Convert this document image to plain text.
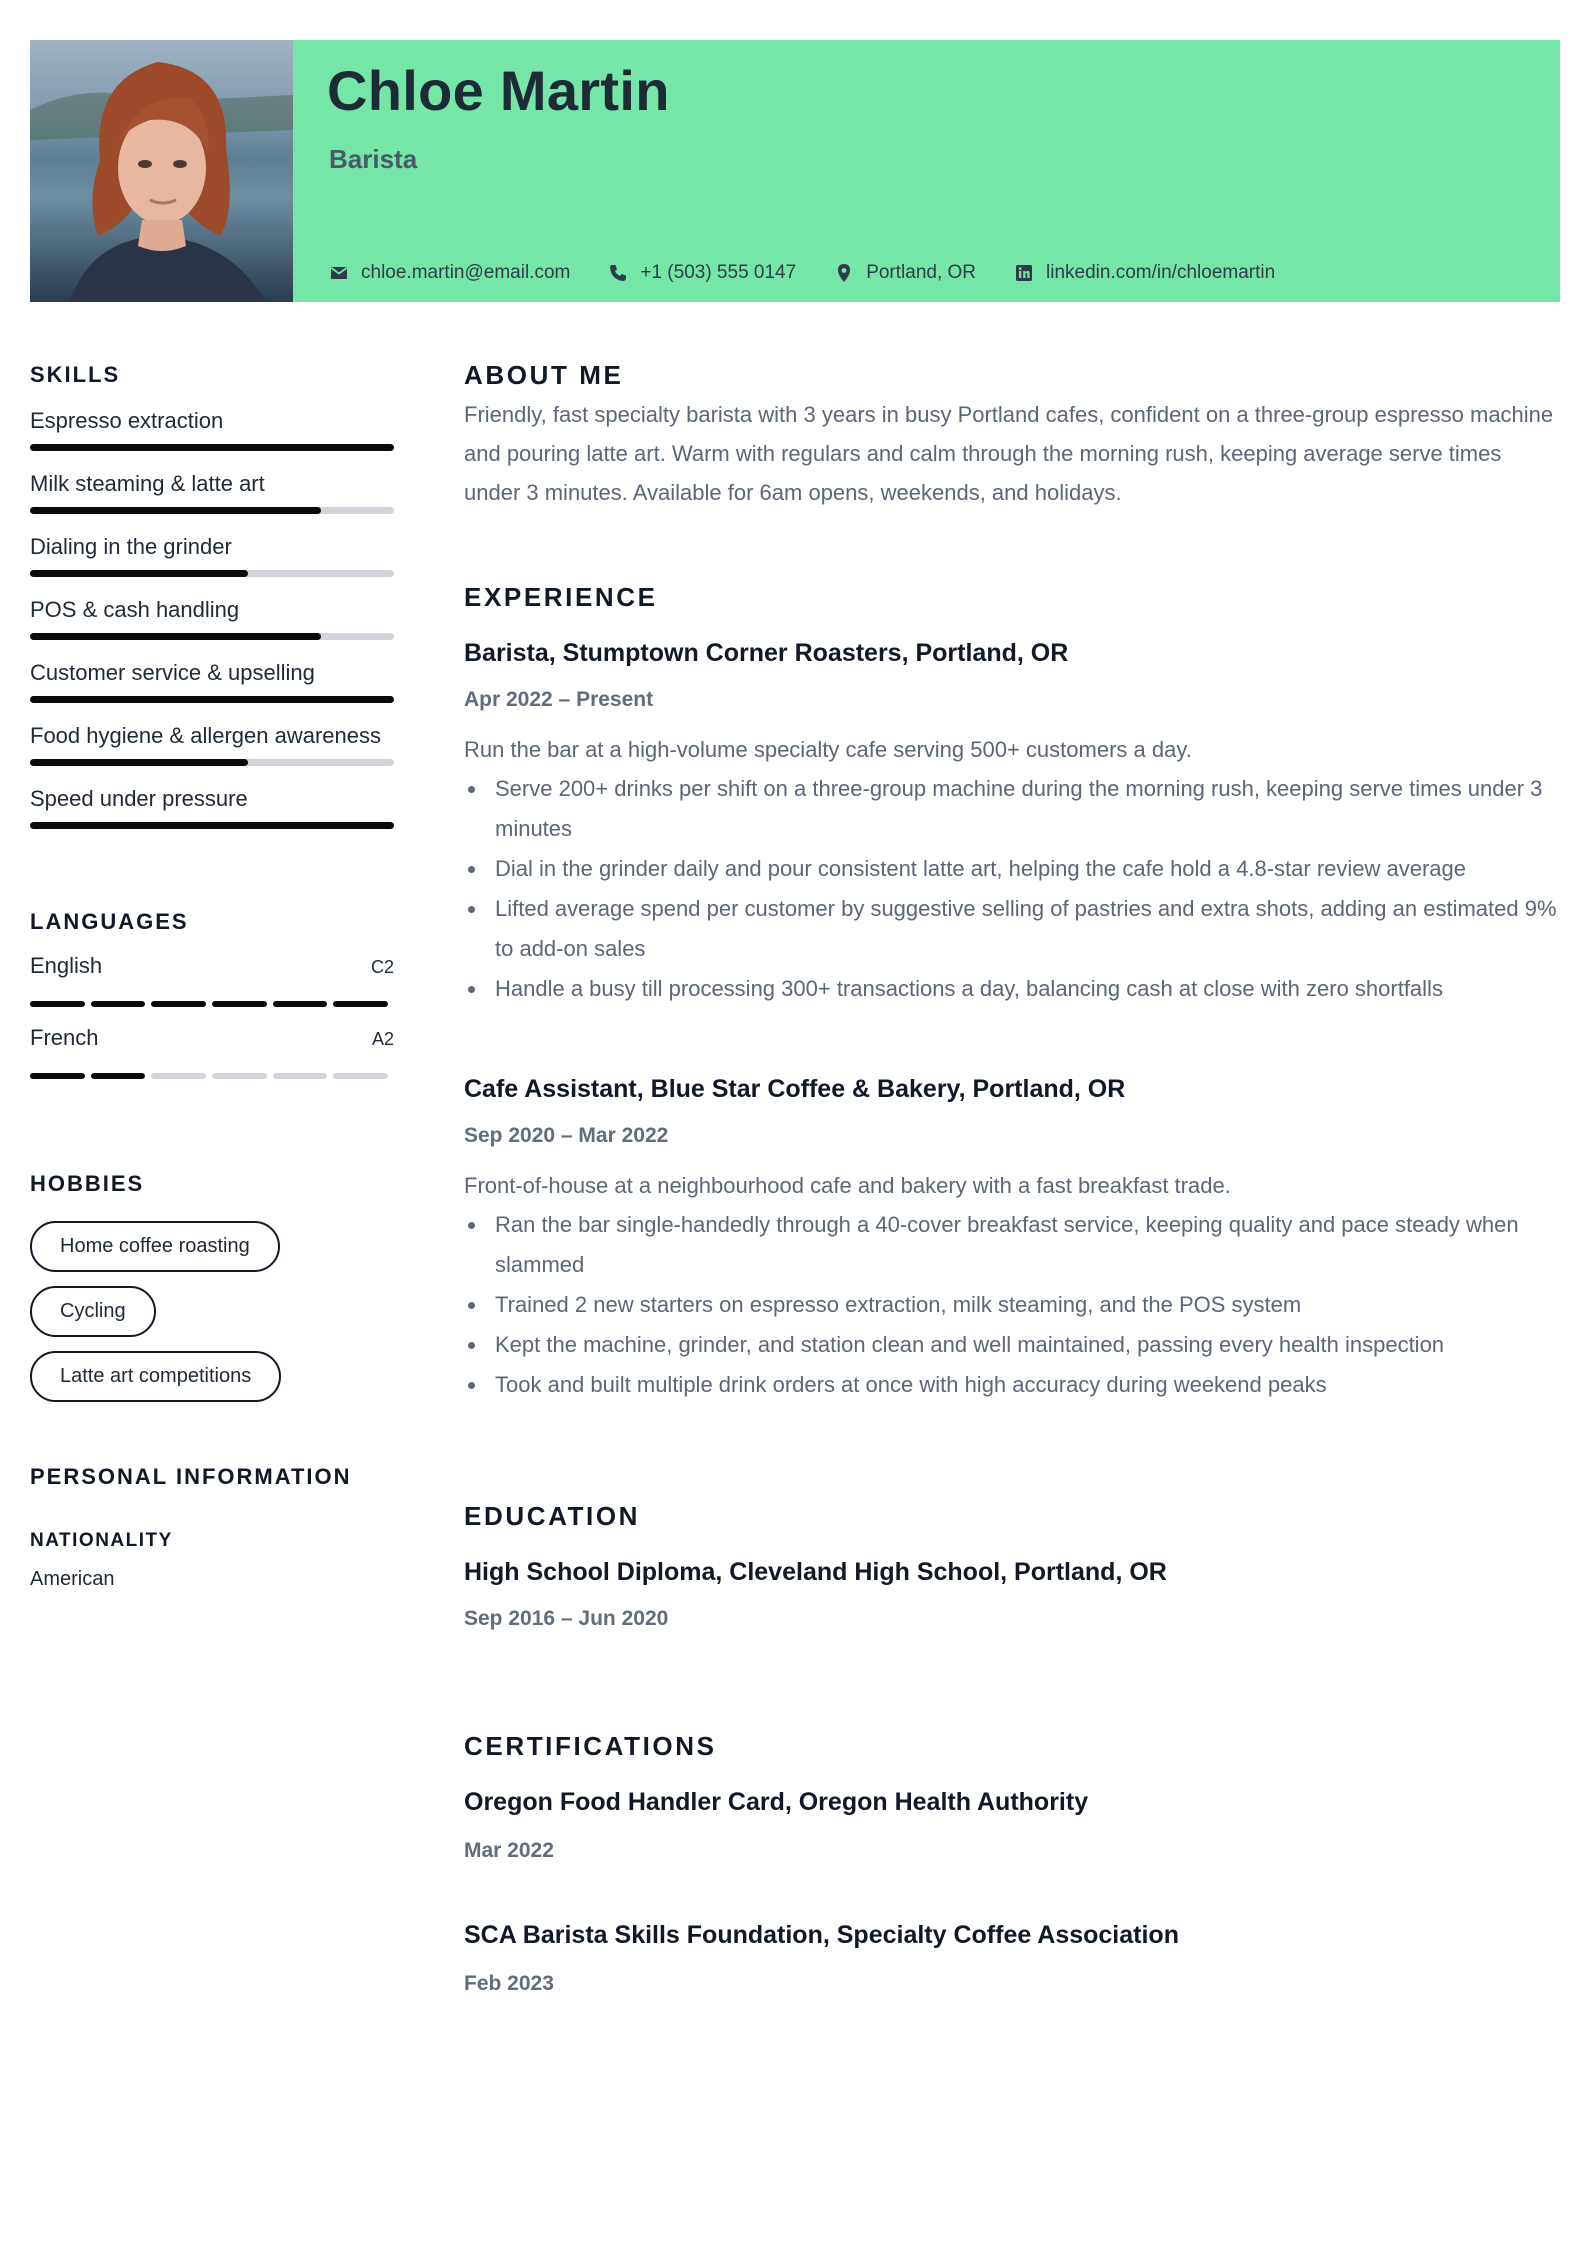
Chloe Martin
Barista
chloe.martin@email.com	+1 (503) 555 0147	Portland, OR	linkedin.com/in/chloemartin
SKILLS
Espresso extraction
Milk steaming & latte art
Dialing in the grinder
POS & cash handling
Customer service & upselling
Food hygiene & allergen awareness
Speed under pressure
LANGUAGES
English	C2
French	A2
HOBBIES
Home coffee roasting
Cycling
Latte art competitions
PERSONAL INFORMATION
NATIONALITY
American
ABOUT ME
Friendly, fast specialty barista with 3 years in busy Portland cafes, confident on a three-group espresso machine and pouring latte art. Warm with regulars and calm through the morning rush, keeping average serve times under 3 minutes. Available for 6am opens, weekends, and holidays.
EXPERIENCE
Barista, Stumptown Corner Roasters, Portland, OR
Apr 2022 – Present
Run the bar at a high-volume specialty cafe serving 500+ customers a day.
Serve 200+ drinks per shift on a three-group machine during the morning rush, keeping serve times under 3 minutes
Dial in the grinder daily and pour consistent latte art, helping the cafe hold a 4.8-star review average
Lifted average spend per customer by suggestive selling of pastries and extra shots, adding an estimated 9% to add-on sales
Handle a busy till processing 300+ transactions a day, balancing cash at close with zero shortfalls
Cafe Assistant, Blue Star Coffee & Bakery, Portland, OR
Sep 2020 – Mar 2022
Front-of-house at a neighbourhood cafe and bakery with a fast breakfast trade.
Ran the bar single-handedly through a 40-cover breakfast service, keeping quality and pace steady when slammed
Trained 2 new starters on espresso extraction, milk steaming, and the POS system
Kept the machine, grinder, and station clean and well maintained, passing every health inspection
Took and built multiple drink orders at once with high accuracy during weekend peaks
EDUCATION
High School Diploma, Cleveland High School, Portland, OR
Sep 2016 – Jun 2020
CERTIFICATIONS
Oregon Food Handler Card, Oregon Health Authority
Mar 2022
SCA Barista Skills Foundation, Specialty Coffee Association
Feb 2023
